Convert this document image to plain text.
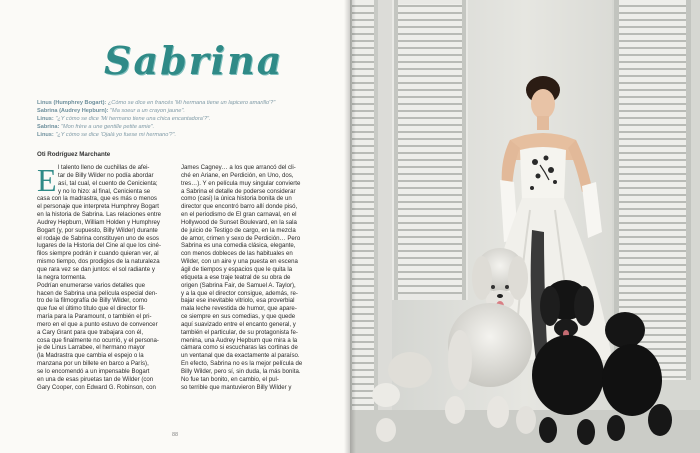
Sabrina
Linus (Humphrey Bogart): ¿Cómo se dice en francés 'Mi hermana tiene un lapicero amarillo'?"
Sabrina (Audrey Hepburn): "Ma soeur a un crayon jaune".
Linus: "¿Y cómo se dice 'Mi hermano tiene una chica encantadora'?".
Sabrina: "Mon frère a une gentille petite amie".
Linus: "¿Y cómo se dice 'Ojalá yo fuese mi hermano'?".
Oti Rodríguez Marchante
E l talento lleno de cuchillas de afei-
tar de Billy Wilder no podía abordar
así, tal cual, el cuento de Cenicienta;
y no lo hizo: al final, Cenicienta se
casa con la madrastra, que es más o menos
el personaje que interpreta Humphrey Bogart
en la historia de Sabrina. Las relaciones entre
Audrey Hepburn, William Holden y Humphrey
Bogart (y, por supuesto, Billy Wilder) durante
el rodaje de Sabrina constituyen uno de esos
lugares de la Historia del Cine al que los ciné-
filos siempre podrán ir cuando quieran ver, al
mismo tiempo, dos prodigios de la naturaleza
que rara vez se dan juntos: el sol radiante y
la negra tormenta.
Podrían enumerarse varios detalles que
hacen de Sabrina una película especial den-
tro de la filmografía de Billy Wilder, como
que fue el último título que el director fil-
maría para la Paramount, o también el pri-
mero en el que a punto estuvo de convencer
a Cary Grant para que trabajara con él,
cosa que finalmente no ocurrió, y el persona-
je de Linus Larrabee, el hermano mayor
(la Madrastra que cambia el espejo o la
manzana por un billete en barco a París),
se lo encomendó a un impensable Bogart
en una de esas piruetas tan de Wilder (con
Gary Cooper, con Edward G. Robinson, con
James Cagney… a los que arrancó del cli-
ché en Ariane, en Perdición, en Uno, dos,
tres…). Y en película muy singular convierte
a Sabrina el detalle de poderse considerar
como (casi) la única historia bonita de un
director que encontró barro allí donde pisó,
en el periodismo de El gran carnaval, en el
Hollywood de Sunset Boulevard, en la sala
de juicio de Testigo de cargo, en la mezcla
de amor, crimen y sexo de Perdición… Pero
Sabrina es una comedia clásica, elegante,
con menos dobleces de las habituales en
Wilder, con un aire y una puesta en escena
ágil de tiempos y espacios que le quita la
etiqueta a ese traje teatral de su obra de
origen (Sabrina Fair, de Samuel A. Taylor),
y a la que el director consigue, además, re-
bajar ese inevitable vitriolo, esa proverbial
mala leche revestida de humor, que apare-
ce siempre en sus comedias, y que quede
aquí suavizado entre el encanto general, y
también el particular, de su protagonista fe-
menina, una Audrey Hepburn que mira a la
cámara como si escucharas las cortinas de
un ventanal que da exactamente al paraíso.
En efecto, Sabrina no es la mejor película de
Billy Wilder, pero sí, sin duda, la más bonita.
No fue tan bonito, en cambio, el pul-
so terrible que mantuvieron Billy Wilder y
88
